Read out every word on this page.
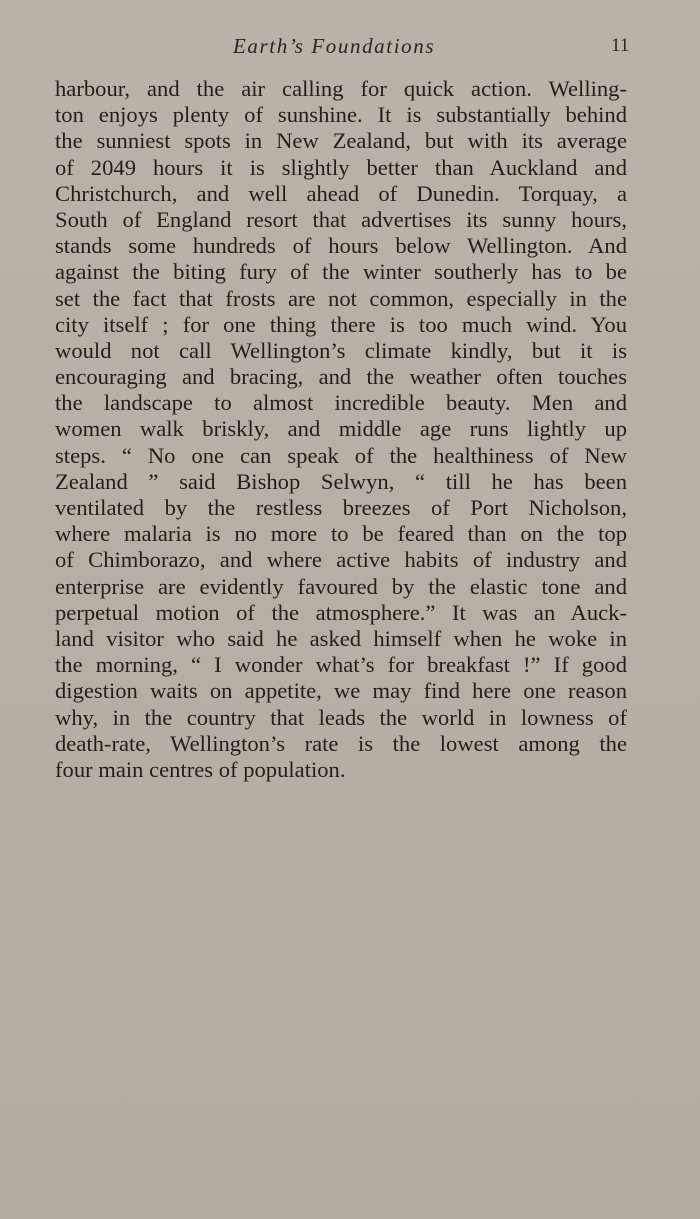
Earth’s Foundations	11
harbour, and the air calling for quick action. Welling-
ton enjoys plenty of sunshine. It is substantially behind
the sunniest spots in New Zealand, but with its average
of 2049 hours it is slightly better than Auckland and
Christchurch, and well ahead of Dunedin. Torquay, a
South of England resort that advertises its sunny hours,
stands some hundreds of hours below Wellington. And
against the biting fury of the winter southerly has to be
set the fact that frosts are not common, especially in the
city itself ; for one thing there is too much wind. You
would not call Wellington’s climate kindly, but it is
encouraging and bracing, and the weather often touches
the landscape to almost incredible beauty. Men and
women walk briskly, and middle age runs lightly up
steps. “ No one can speak of the healthiness of New
Zealand ” said Bishop Selwyn, “ till he has been
ventilated by the restless breezes of Port Nicholson,
where malaria is no more to be feared than on the top
of Chimborazo, and where active habits of industry and
enterprise are evidently favoured by the elastic tone and
perpetual motion of the atmosphere.” It was an Auck-
land visitor who said he asked himself when he woke in
the morning, “ I wonder what’s for breakfast !” If good
digestion waits on appetite, we may find here one reason
why, in the country that leads the world in lowness of
death-rate, Wellington’s rate is the lowest among the
four main centres of population.
